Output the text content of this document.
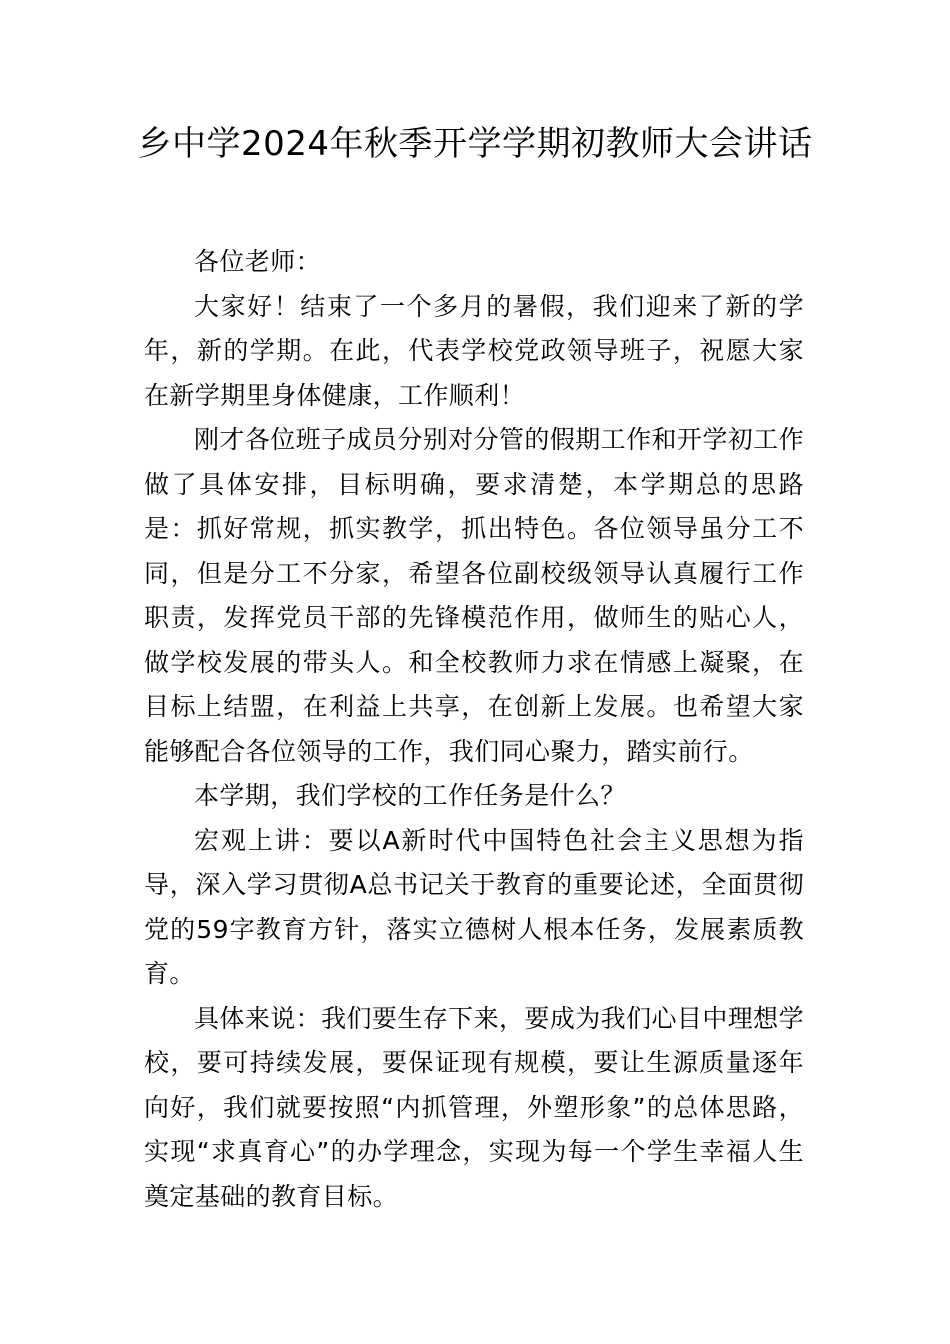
乡中学2024年秋季开学学期初教师大会讲话

各位老师：

大家好！结束了一个多月的暑假，我们迎来了新的学年，新的学期。在此，代表学校党政领导班子，祝愿大家在新学期里身体健康，工作顺利！

刚才各位班子成员分别对分管的假期工作和开学初工作做了具体安排，目标明确，要求清楚，本学期总的思路是：抓好常规，抓实教学，抓出特色。各位领导虽分工不同，但是分工不分家，希望各位副校级领导认真履行工作职责，发挥党员干部的先锋模范作用，做师生的贴心人，做学校发展的带头人。和全校教师力求在情感上凝聚，在目标上结盟，在利益上共享，在创新上发展。也希望大家能够配合各位领导的工作，我们同心聚力，踏实前行。

本学期，我们学校的工作任务是什么？

宏观上讲：要以A新时代中国特色社会主义思想为指导，深入学习贯彻A总书记关于教育的重要论述，全面贯彻党的59字教育方针，落实立德树人根本任务，发展素质教育。

具体来说：我们要生存下来，要成为我们心目中理想学校，要可持续发展，要保证现有规模，要让生源质量逐年向好，我们就要按照“内抓管理，外塑形象”的总体思路，实现“求真育心”的办学理念，实现为每一个学生幸福人生奠定基础的教育目标。
